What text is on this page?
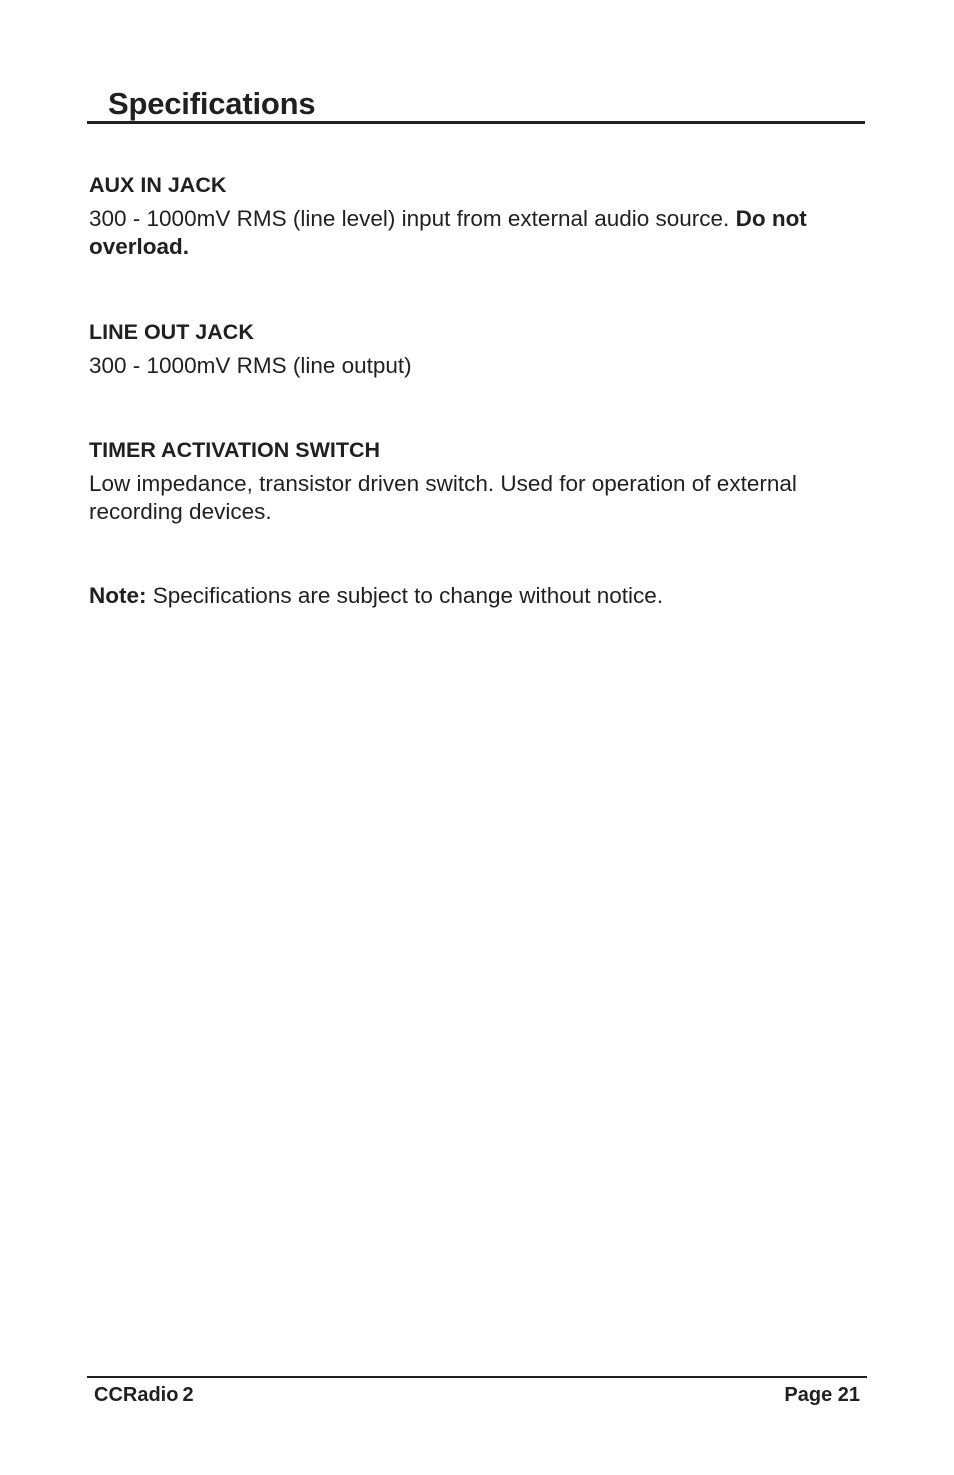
Specifications
AUX IN JACK

300 - 1000mV RMS (line level) input from external audio source. Do not overload.

LINE OUT JACK

300 - 1000mV RMS (line output)

TIMER ACTIVATION SWITCH

Low impedance, transistor driven switch. Used for operation of external recording devices.

Note: Specifications are subject to change without notice.

CCRadio 2	Page 21
